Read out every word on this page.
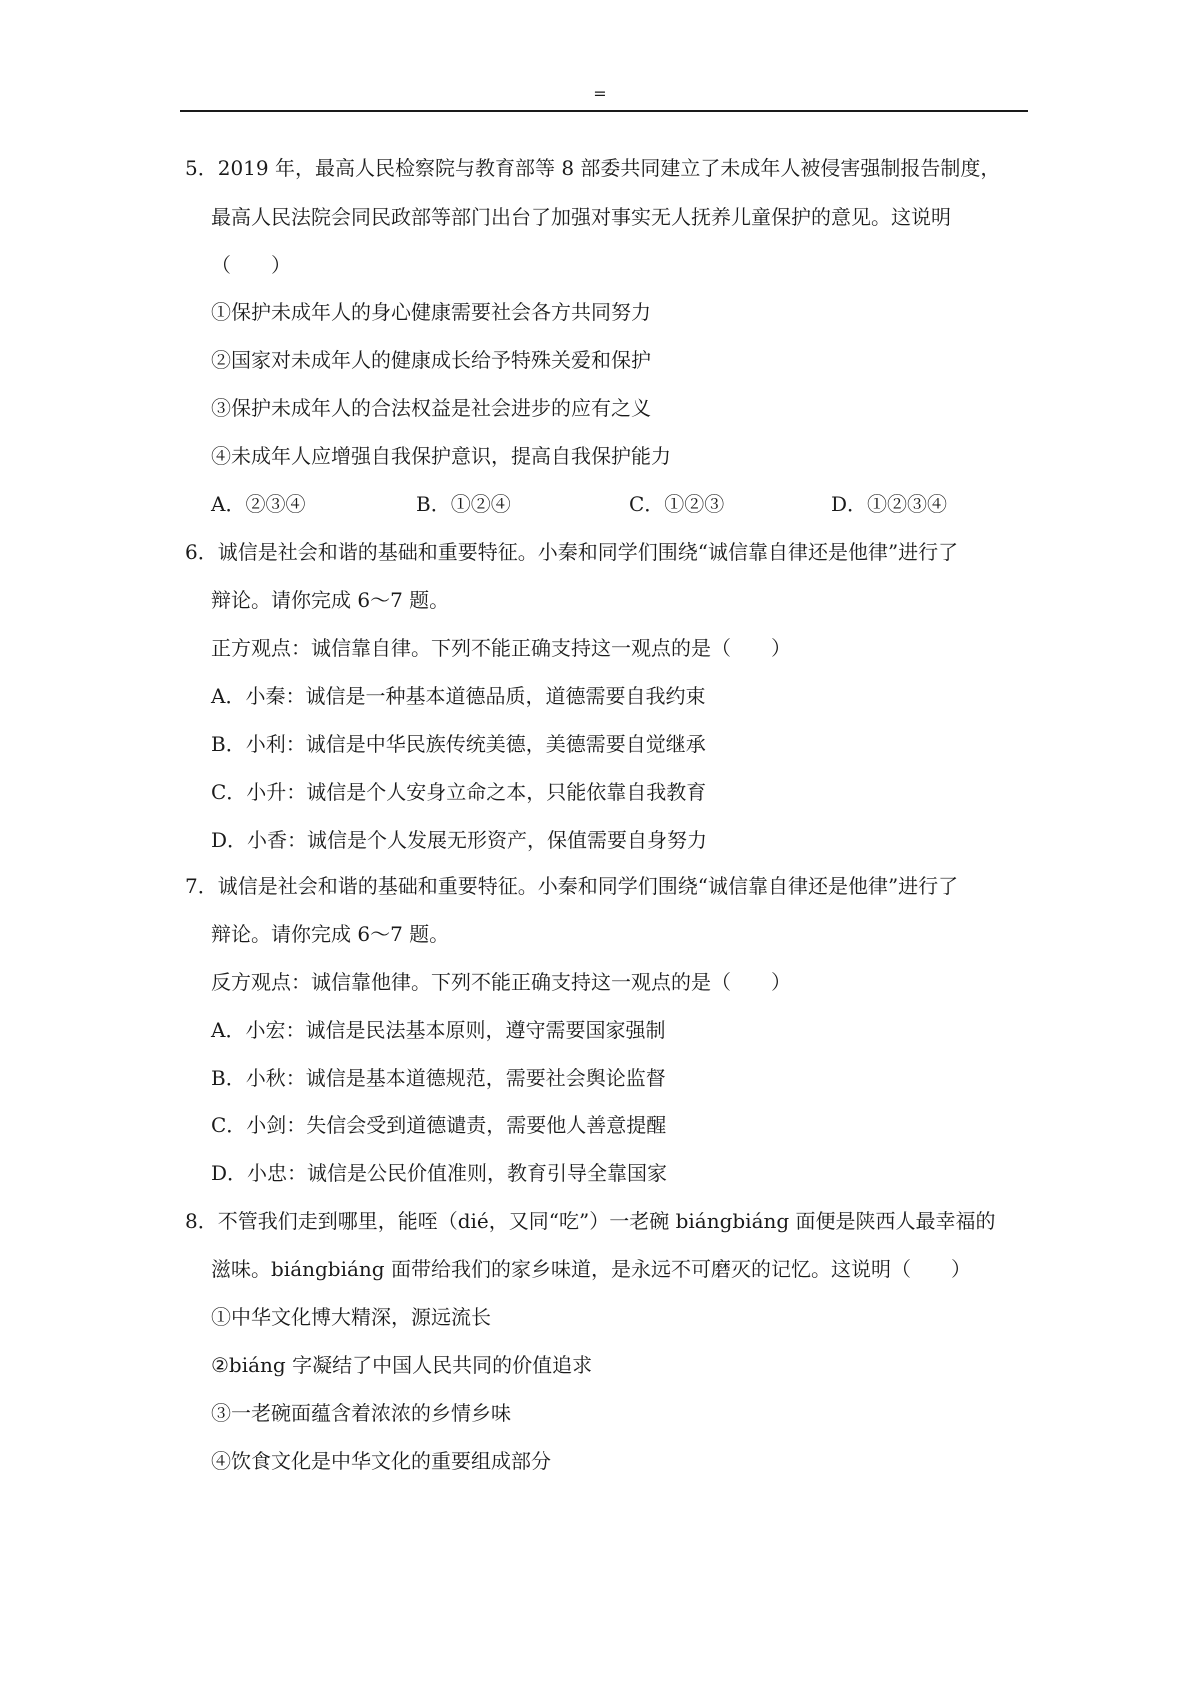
=
5．2019 年，最高人民检察院与教育部等 8 部委共同建立了未成年人被侵害强制报告制度，
最高人民法院会同民政部等部门出台了加强对事实无人抚养儿童保护的意见。这说明
（　　）
①保护未成年人的身心健康需要社会各方共同努力
②国家对未成年人的健康成长给予特殊关爱和保护
③保护未成年人的合法权益是社会进步的应有之义
④未成年人应增强自我保护意识，提高自我保护能力
A．②③④	B．①②④	C．①②③	D．①②③④
6．诚信是社会和谐的基础和重要特征。小秦和同学们围绕“诚信靠自律还是他律”进行了
辩论。请你完成 6～7 题。
正方观点：诚信靠自律。下列不能正确支持这一观点的是（　　）
A．小秦：诚信是一种基本道德品质，道德需要自我约束
B．小利：诚信是中华民族传统美德，美德需要自觉继承
C．小升：诚信是个人安身立命之本，只能依靠自我教育
D．小香：诚信是个人发展无形资产，保值需要自身努力
7．诚信是社会和谐的基础和重要特征。小秦和同学们围绕“诚信靠自律还是他律”进行了
辩论。请你完成 6～7 题。
反方观点：诚信靠他律。下列不能正确支持这一观点的是（　　）
A．小宏：诚信是民法基本原则，遵守需要国家强制
B．小秋：诚信是基本道德规范，需要社会舆论监督
C．小剑：失信会受到道德谴责，需要他人善意提醒
D．小忠：诚信是公民价值准则，教育引导全靠国家
8．不管我们走到哪里，能咥（dié，又同“吃”）一老碗 biángbiáng 面便是陕西人最幸福的
滋味。biángbiáng 面带给我们的家乡味道，是永远不可磨灭的记忆。这说明（　　）
①中华文化博大精深，源远流长
②biáng 字凝结了中国人民共同的价值追求
③一老碗面蕴含着浓浓的乡情乡味
④饮食文化是中华文化的重要组成部分
